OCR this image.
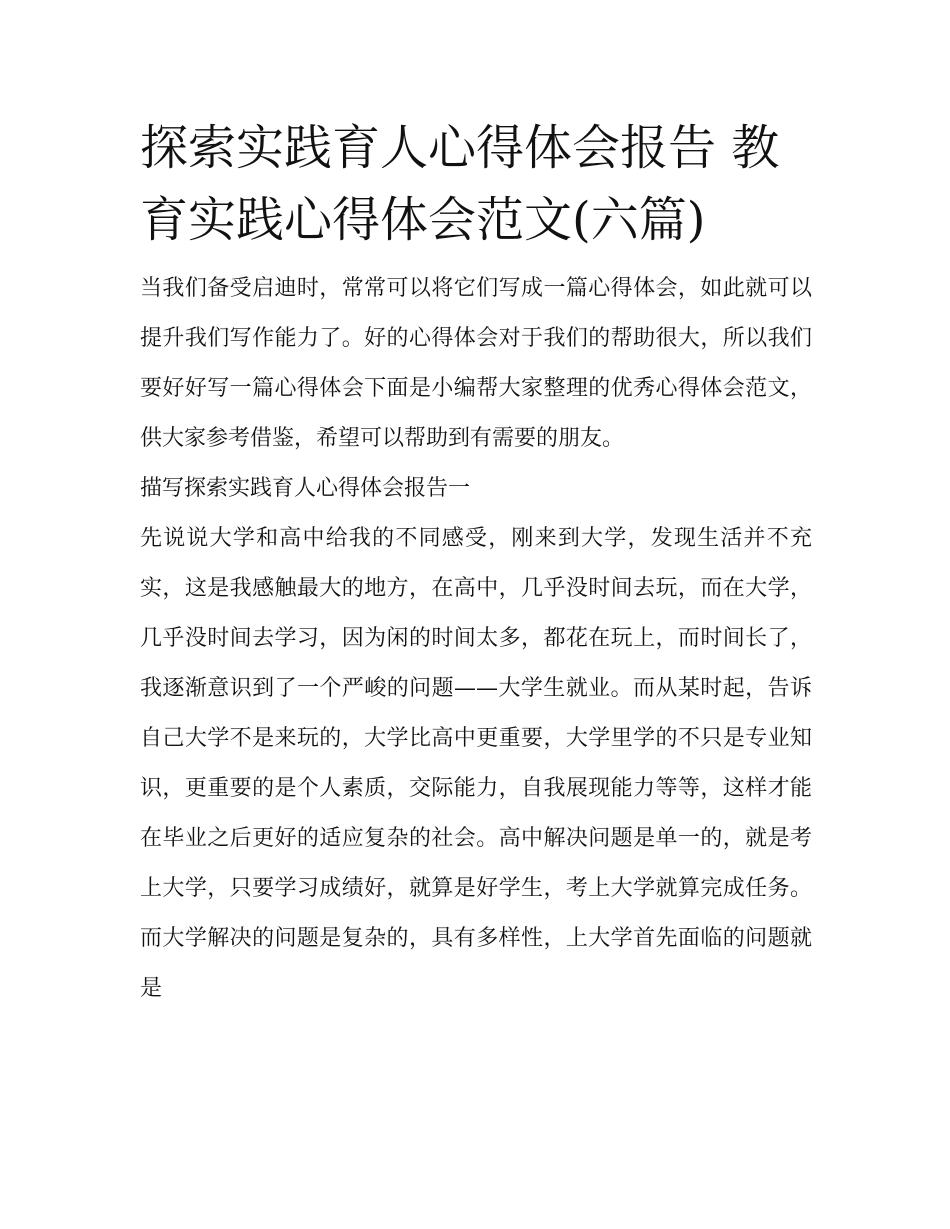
探索实践育人心得体会报告 教育实践心得体会范文(六篇)

当我们备受启迪时，常常可以将它们写成一篇心得体会，如此就可以提升我们写作能力了。好的心得体会对于我们的帮助很大，所以我们要好好写一篇心得体会下面是小编帮大家整理的优秀心得体会范文，供大家参考借鉴，希望可以帮助到有需要的朋友。

描写探索实践育人心得体会报告一

先说说大学和高中给我的不同感受，刚来到大学，发现生活并不充实，这是我感触最大的地方，在高中，几乎没时间去玩，而在大学，几乎没时间去学习，因为闲的时间太多，都花在玩上，而时间长了，我逐渐意识到了一个严峻的问题——大学生就业。而从某时起，告诉自己大学不是来玩的，大学比高中更重要，大学里学的不只是专业知识，更重要的是个人素质，交际能力，自我展现能力等等，这样才能在毕业之后更好的适应复杂的社会。高中解决问题是单一的，就是考上大学，只要学习成绩好，就算是好学生，考上大学就算完成任务。而大学解决的问题是复杂的，具有多样性，上大学首先面临的问题就是
